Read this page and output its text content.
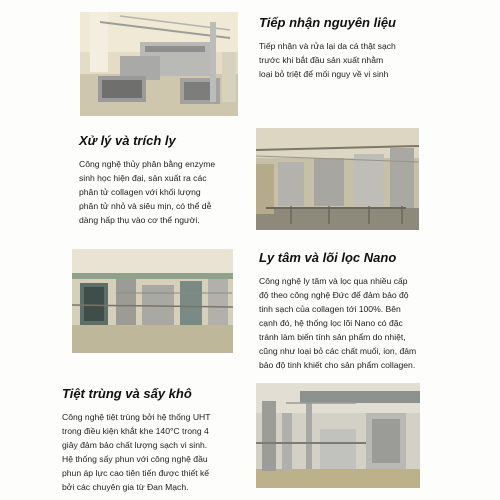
Tiếp nhận nguyên liệu
Tiếp nhận và rửa lại da cá thật sạch
trước khi bắt đầu sản xuất nhằm
loại bỏ triệt để mối nguy về vi sinh
Xử lý và trích ly
Công nghệ thủy phân bằng enzyme
sinh học hiện đại, sản xuất ra các
phân tử collagen với khối lượng
phân tử nhỏ và siêu mịn, có thể dễ
dàng hấp thụ vào cơ thể người.
Ly tâm và lõi lọc Nano
Công nghệ ly tâm và lọc qua nhiều cấp
độ theo công nghệ Đức để đảm bảo độ
tinh sạch của collagen tới 100%. Bên
cạnh đó, hệ thống lọc lõi Nano có đặc
tránh làm biến tính sản phẩm do nhiệt,
cũng như loại bỏ các chất muối, ion, đảm
bảo độ tinh khiết cho sản phẩm collagen.
Tiệt trùng và sấy khô
Công nghệ tiệt trùng bởi hệ thống UHT
trong điều kiện khắt khe 140°C trong 4
giây đảm bảo chất lượng sạch vi sinh.
Hệ thống sấy phun với công nghệ đầu
phun áp lực cao tiên tiến được thiết kế
bởi các chuyên gia từ Đan Mạch.
